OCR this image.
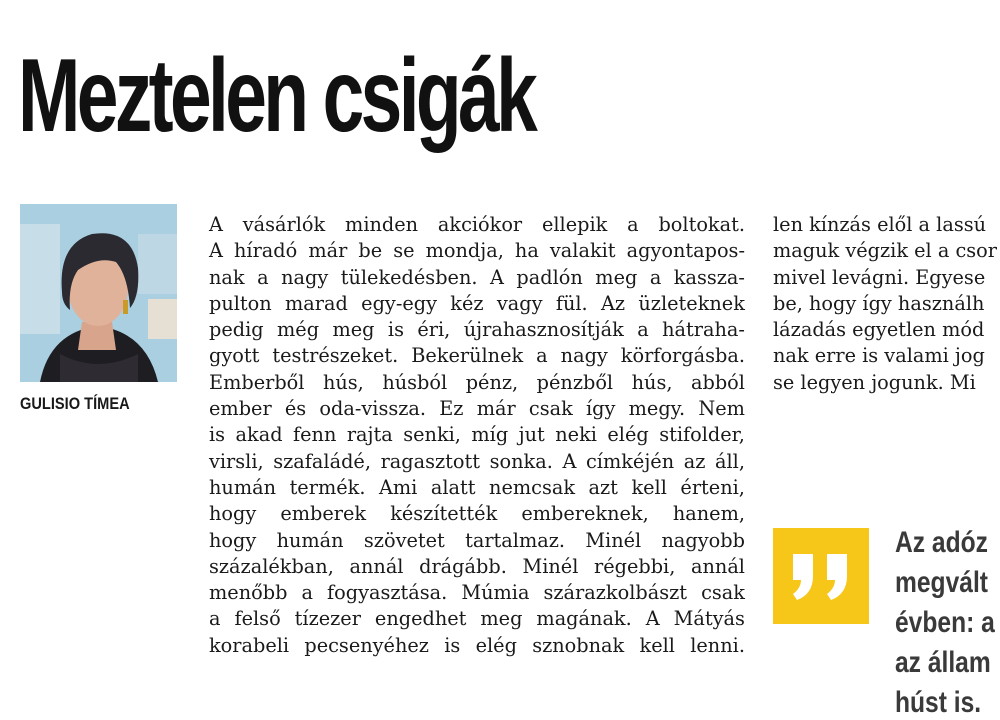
Meztelen csigák
GULISIO TÍMEA
A vásárlók minden akciókor ellepik a boltokat.
A híradó már be se mondja, ha valakit agyontapos-
nak a nagy tülekedésben. A padlón meg a kassza-
pulton marad egy-egy kéz vagy fül. Az üzleteknek
pedig még meg is éri, újrahasznosítják a hátraha-
gyott testrészeket. Bekerülnek a nagy körforgásba.
Emberből hús, húsból pénz, pénzből hús, abból
ember és oda-vissza. Ez már csak így megy. Nem
is akad fenn rajta senki, míg jut neki elég stifolder,
virsli, szafaládé, ragasztott sonka. A címkéjén az áll,
humán termék. Ami alatt nemcsak azt kell érteni,
hogy emberek készítették embereknek, hanem,
hogy humán szövetet tartalmaz. Minél nagyobb
százalékban, annál drágább. Minél régebbi, annál
menőbb a fogyasztása. Múmia szárazkolbászt csak
a felső tízezer engedhet meg magának. A Mátyás
korabeli pecsenyéhez is elég sznobnak kell lenni.
len kínzás elől a lassú
maguk végzik el a csor
mivel levágni. Egyese
be, hogy így használh
lázadás egyetlen mód
nak erre is valami jog
se legyen jogunk. Mi
Az adóz
megvált
évben: a
az állam
húst is.
